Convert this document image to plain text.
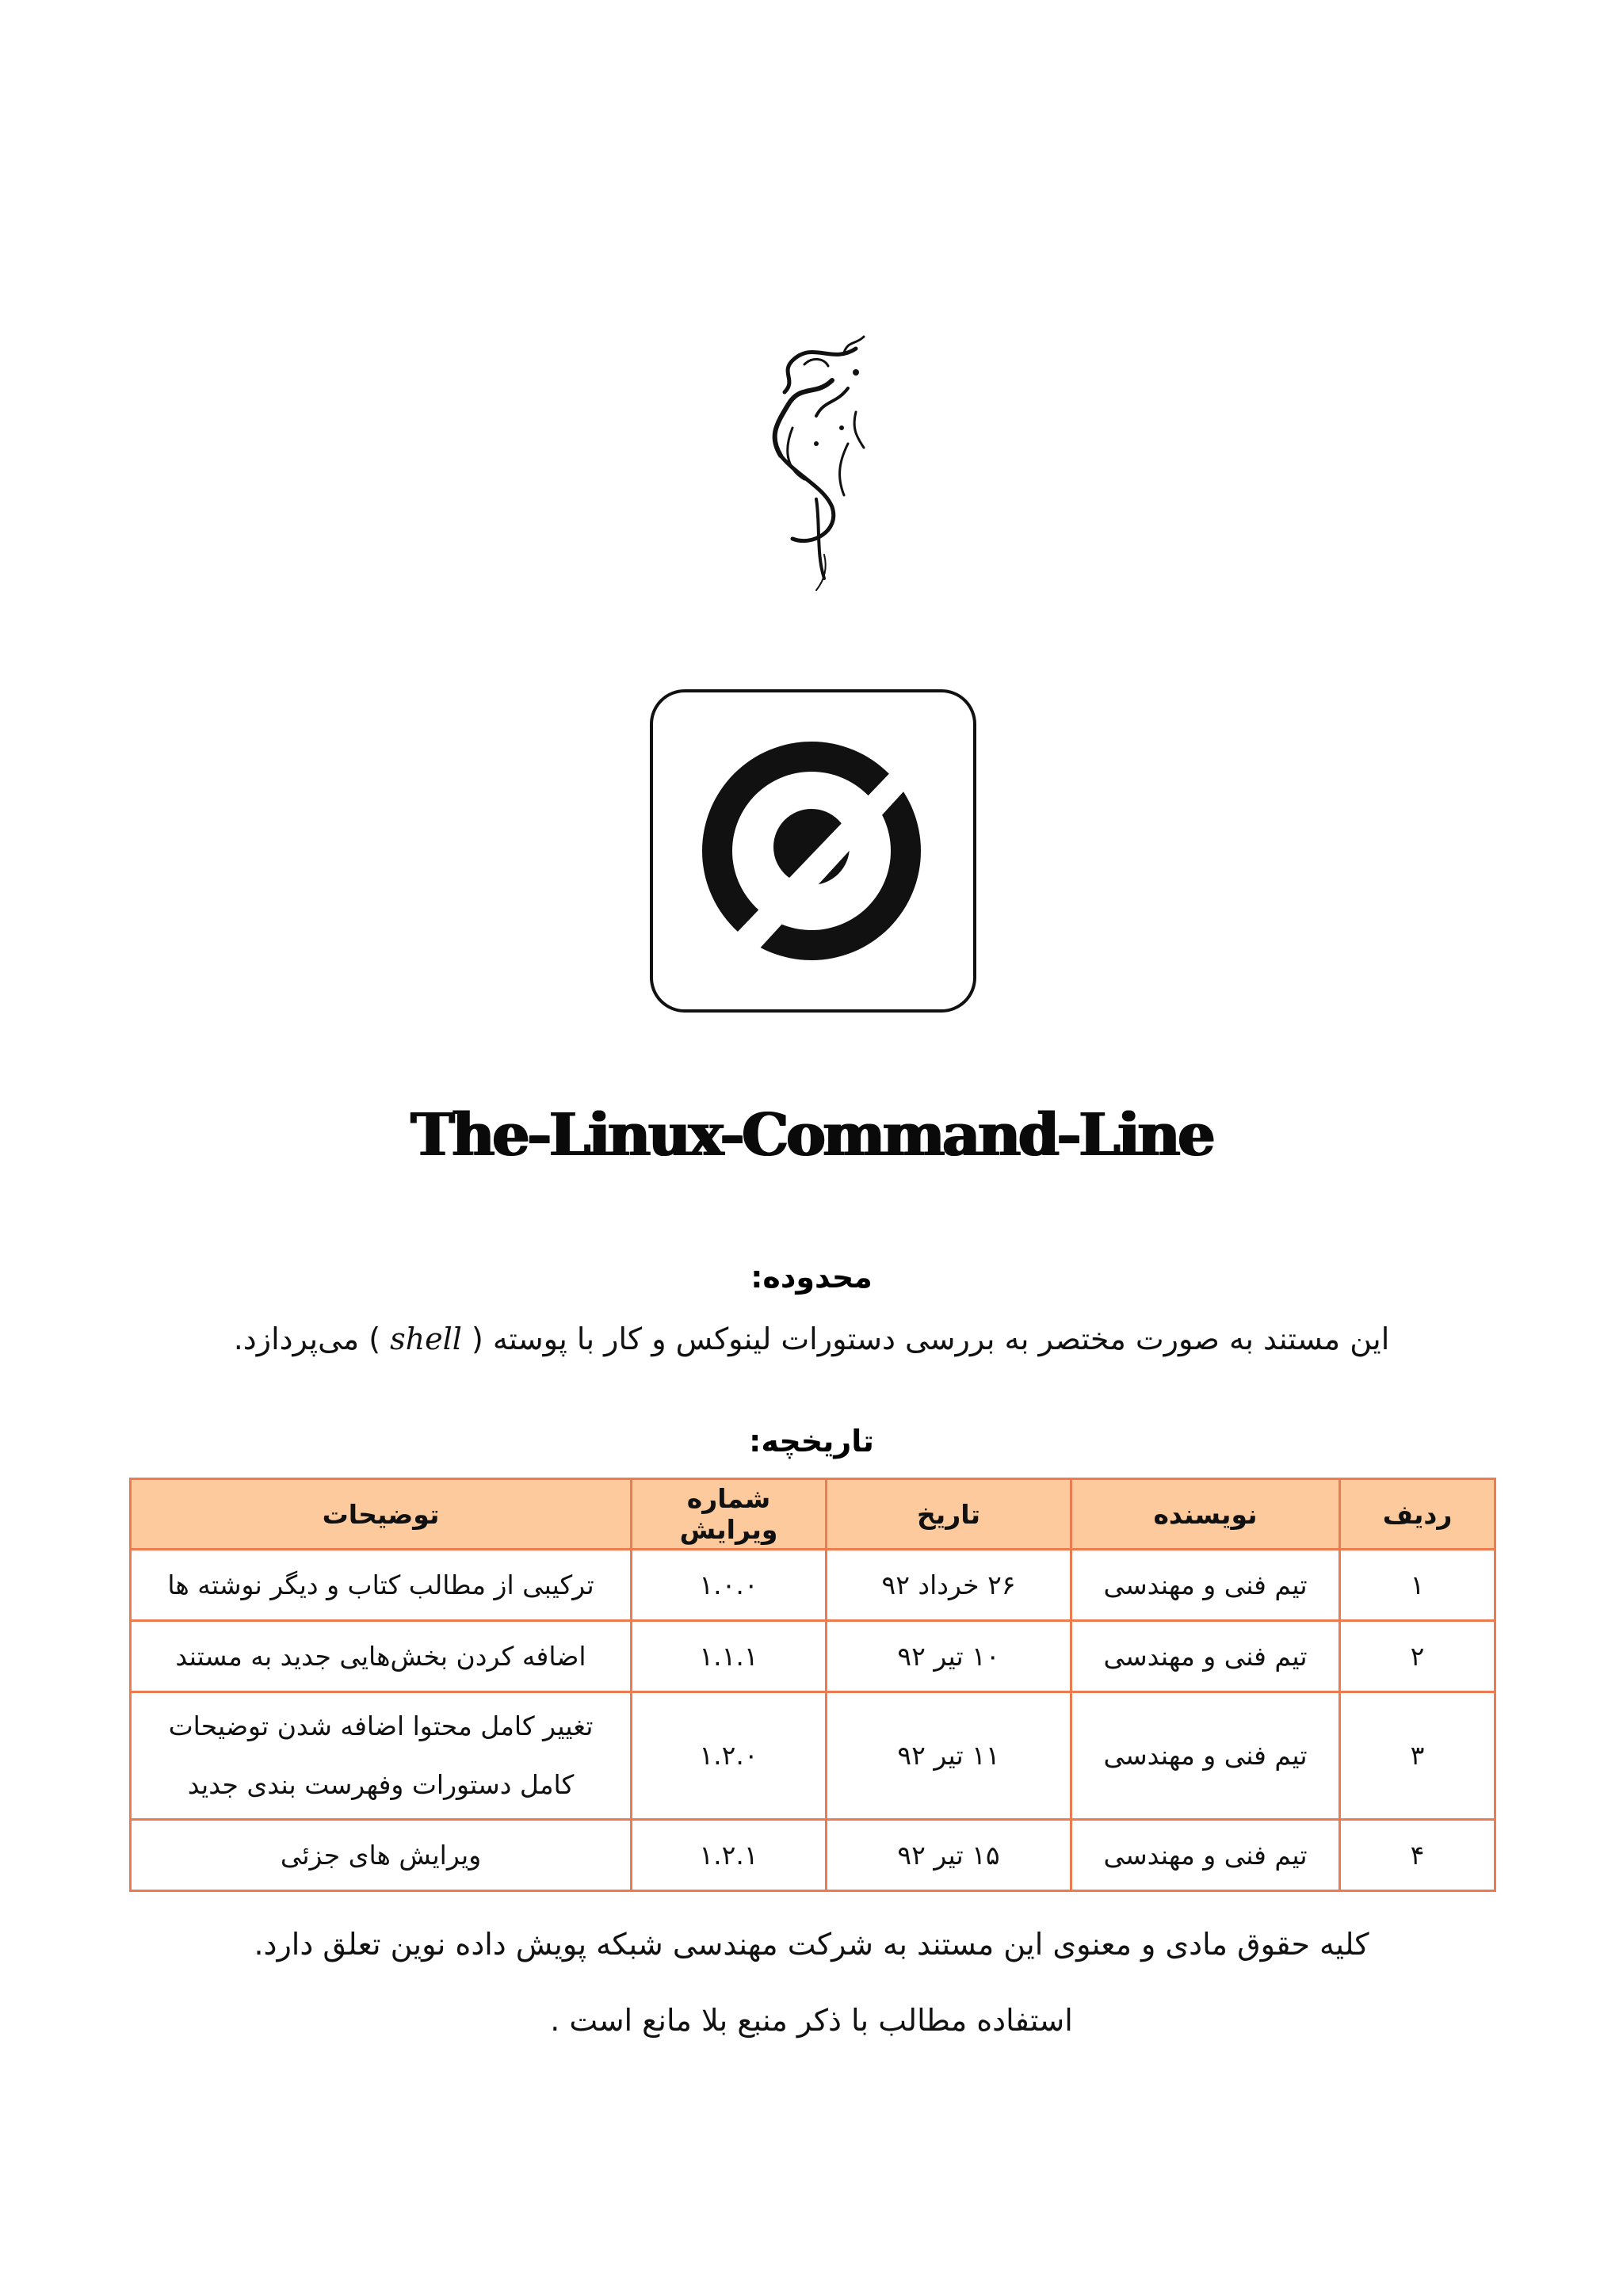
The-Linux-Command-Line
محدوده:
این مستند به صورت مختصر به بررسی دستورات لینوکس و کار با پوسته ( shell ) می‌پردازد.
تاریخچه:
ردیف	نویسنده	تاریخ	شماره ویرایش	توضیحات
۱	تیم فنی و مهندسی	۲۶ خرداد ۹۲	۱.۰.۰	ترکیبی از مطالب کتاب و دیگر نوشته ها
۲	تیم فنی و مهندسی	۱۰ تیر ۹۲	۱.۱.۱	اضافه کردن بخش‌هایی جدید به مستند
۳	تیم فنی و مهندسی	۱۱ تیر ۹۲	۱.۲.۰	تغییر کامل محتوا اضافه شدن توضیحات کامل دستورات وفهرست بندی جدید
۴	تیم فنی و مهندسی	۱۵ تیر ۹۲	۱.۲.۱	ویرایش های جزئی
کلیه حقوق مادی و معنوی این مستند به شرکت مهندسی شبکه پویش داده نوین تعلق دارد.
استفاده مطالب با ذکر منبع بلا مانع است .
